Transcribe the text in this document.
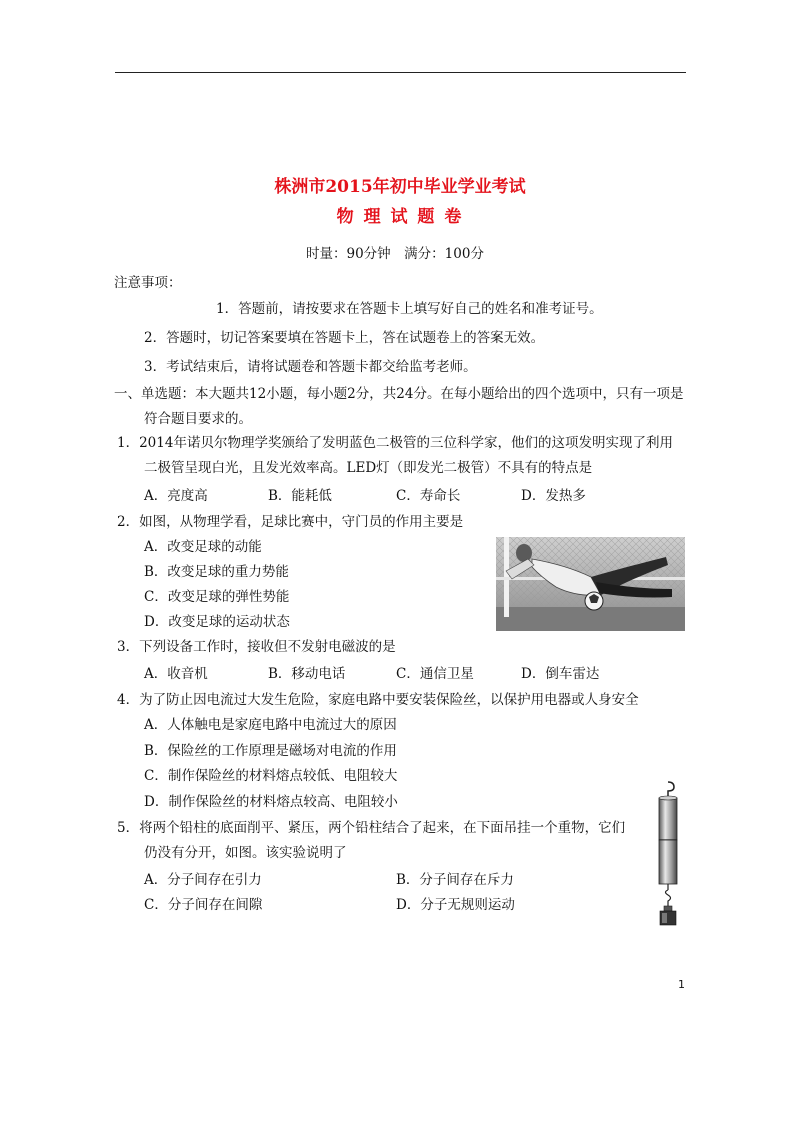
株洲市2015年初中毕业学业考试
物 理 试 题 卷
时量：90分钟　满分：100分
注意事项：
1．答题前，请按要求在答题卡上填写好自己的姓名和准考证号。
2．答题时，切记答案要填在答题卡上，答在试题卷上的答案无效。
3．考试结束后，请将试题卷和答题卡都交给监考老师。
一、单选题：本大题共12小题，每小题2分，共24分。在每小题给出的四个选项中，只有一项是
符合题目要求的。
1．2014年诺贝尔物理学奖颁给了发明蓝色二极管的三位科学家，他们的这项发明实现了利用
二极管呈现白光，且发光效率高。LED灯（即发光二极管）不具有的特点是
A．亮度高	B．能耗低	C．寿命长	D．发热多
2．如图，从物理学看，足球比赛中，守门员的作用主要是
A．改变足球的动能
B．改变足球的重力势能
C．改变足球的弹性势能
D．改变足球的运动状态
3．下列设备工作时，接收但不发射电磁波的是
A．收音机	B．移动电话	C．通信卫星	D．倒车雷达
4．为了防止因电流过大发生危险，家庭电路中要安装保险丝，以保护用电器或人身安全
A．人体触电是家庭电路中电流过大的原因
B．保险丝的工作原理是磁场对电流的作用
C．制作保险丝的材料熔点较低、电阻较大
D．制作保险丝的材料熔点较高、电阻较小
5．将两个铅柱的底面削平、紧压，两个铅柱结合了起来，在下面吊挂一个重物，它们
仍没有分开，如图。该实验说明了
A．分子间存在引力	B．分子间存在斥力
C．分子间存在间隙	D．分子无规则运动
1
